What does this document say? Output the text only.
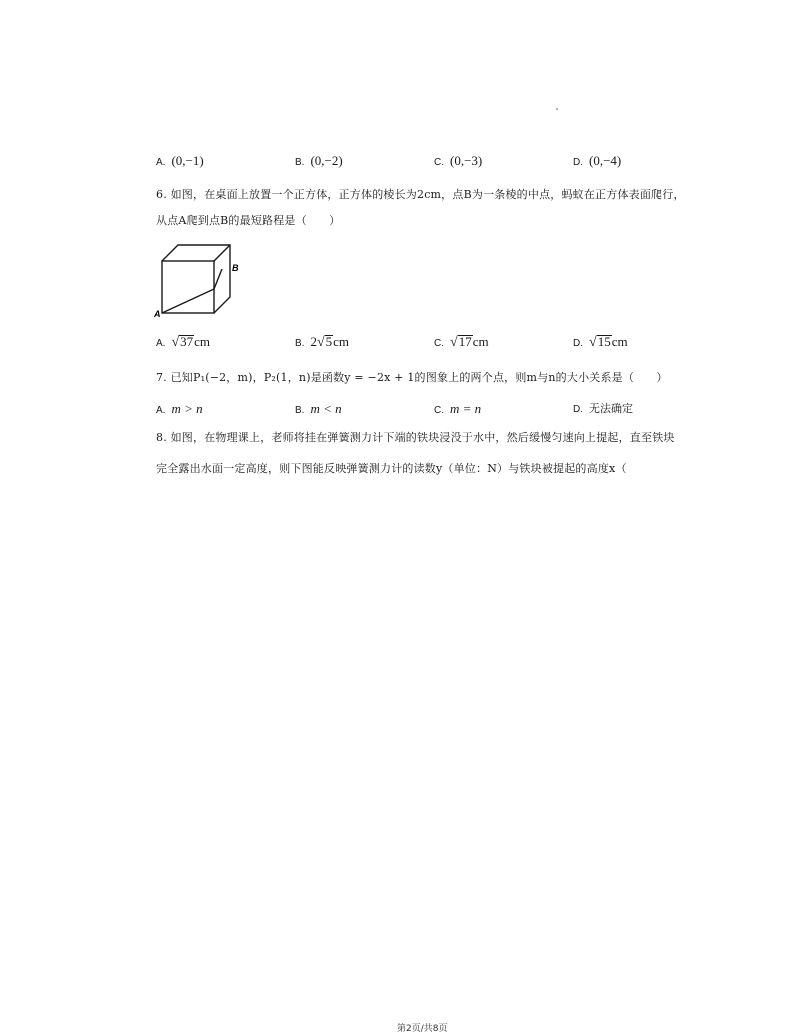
A. (0,−1)	B. (0,−2)	C. (0,−3)	D. (0,−4)
6. 如图，在桌面上放置一个正方体，正方体的棱长为2cm，点B为一条棱的中点，蚂蚁在正方体表面爬行，
从点A爬到点B的最短路程是（　　）
B
A
A. √37cm	B. 2√5cm	C. √17cm	D. √15cm
7. 已知P₁(−2，m)，P₂(1，n)是函数y = −2x + 1的图象上的两个点，则m与n的大小关系是（　　）
A. m > n	B. m < n	C. m = n	D. 无法确定
8. 如图，在物理课上，老师将挂在弹簧测力计下端的铁块浸没于水中，然后缓慢匀速向上提起，直至铁块
完全露出水面一定高度，则下图能反映弹簧测力计的读数y（单位：N）与铁块被提起的高度x（
第2页/共8页
